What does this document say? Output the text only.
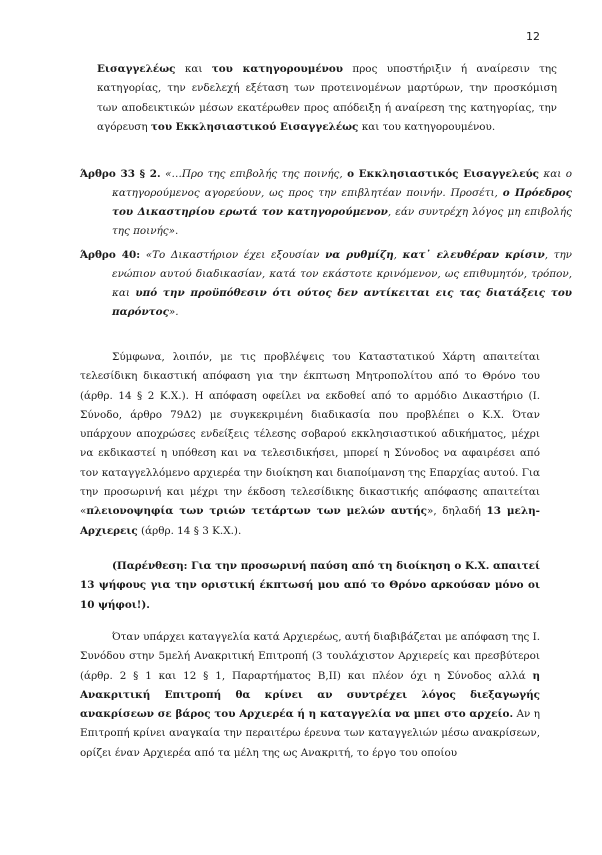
12

Εισαγγελέως και του κατηγορουμένου προς υποστήριξιν ή αναίρεσιν της κατηγορίας, την ενδελεχή εξέταση των προτεινομένων μαρτύρων, την προσκόμιση των αποδεικτικών μέσων εκατέρωθεν προς απόδειξη ή αναίρεση της κατηγορίας, την αγόρευση του Εκκλησιαστικού Εισαγγελέως και του κατηγορουμένου.

Άρθρο 33 § 2. «…Προ της επιβολής της ποινής, ο Εκκλησιαστικός Εισαγγελεύς και ο κατηγορούμενος αγορεύουν, ως προς την επιβλητέαν ποινήν. Προσέτι, ο Πρόεδρος του Δικαστηρίου ερωτά τον κατηγορούμενον, εάν συντρέχη λόγος μη επιβολής της ποινής».

Άρθρο 40: «Το Δικαστήριον έχει εξουσίαν να ρυθμίζη, κατ᾽ ελευθέραν κρίσιν, την ενώπιον αυτού διαδικασίαν, κατά τον εκάστοτε κρινόμενον, ως επιθυμητόν, τρόπον, και υπό την προϋπόθεσιν ότι ούτος δεν αντίκειται εις τας διατάξεις του παρόντος».

Σύμφωνα, λοιπόν, με τις προβλέψεις του Καταστατικού Χάρτη απαιτείται τελεσίδικη δικαστική απόφαση για την έκπτωση Μητροπολίτου από το Θρόνο του (άρθρ. 14 § 2 Κ.Χ.). Η απόφαση οφείλει να εκδοθεί από το αρμόδιο Δικαστήριο (Ι. Σύνοδο, άρθρο 79Δ2) με συγκεκριμένη διαδικασία που προβλέπει ο Κ.Χ. Όταν υπάρχουν αποχρώσες ενδείξεις τέλεσης σοβαρού εκκλησιαστικού αδικήματος, μέχρι να εκδικαστεί η υπόθεση και να τελεσιδικήσει, μπορεί η Σύνοδος να αφαιρέσει από τον καταγγελλόμενο αρχιερέα την διοίκηση και διαποίμανση της Επαρχίας αυτού. Για την προσωρινή και μέχρι την έκδοση τελεσίδικης δικαστικής απόφασης απαιτείται «πλειονοψηφία των τριών τετάρτων των μελών αυτής», δηλαδή 13 μελη-Αρχιερεις (άρθρ. 14 § 3 Κ.Χ.).

(Παρένθεση: Για την προσωρινή παύση από τη διοίκηση ο Κ.Χ. απαιτεί 13 ψήφους για την οριστική έκπτωσή μου από το Θρόνο αρκούσαν μόνο οι 10 ψήφοι!).

Όταν υπάρχει καταγγελία κατά Αρχιερέως, αυτή διαβιβάζεται με απόφαση της Ι. Συνόδου στην 5μελή Ανακριτική Επιτροπή (3 τουλάχιστον Αρχιερείς και πρεσβύτεροι (άρθρ. 2 § 1 και 12 § 1, Παραρτήματος Β,ΙΙ) και πλέον όχι η Σύνοδος αλλά η Ανακριτική Επιτροπή θα κρίνει αν συντρέχει λόγος διεξαγωγής ανακρίσεων σε βάρος του Αρχιερέα ή η καταγγελία να μπει στο αρχείο. Αν η Επιτροπή κρίνει αναγκαία την περαιτέρω έρευνα των καταγγελιών μέσω ανακρίσεων, ορίζει έναν Αρχιερέα από τα μέλη της ως Ανακριτή, το έργο του οποίου
